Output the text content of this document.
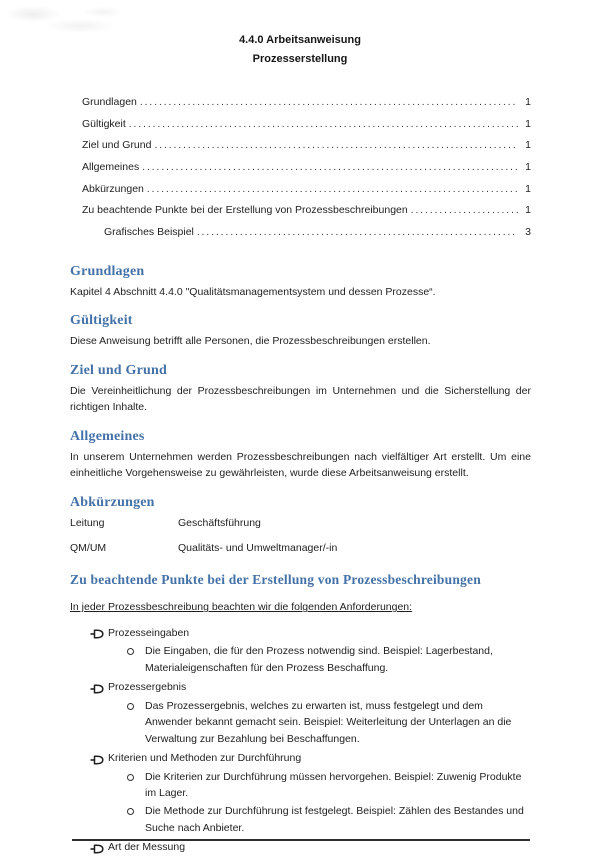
4.4.0 Arbeitsanweisung
Prozesserstellung
Grundlagen .....	1
Gültigkeit .....	1
Ziel und Grund .....	1
Allgemeines .....	1
Abkürzungen .....	1
Zu beachtende Punkte bei der Erstellung von Prozessbeschreibungen .....	1
Grafisches Beispiel .....	3
Grundlagen

Kapitel 4 Abschnitt 4.4.0 "Qualitätsmanagementsystem und dessen Prozesse“.

Gültigkeit

Diese Anweisung betrifft alle Personen, die Prozessbeschreibungen erstellen.

Ziel und Grund

Die Vereinheitlichung der Prozessbeschreibungen im Unternehmen und die Sicherstellung der richtigen Inhalte.

Allgemeines

In unserem Unternehmen werden Prozessbeschreibungen nach vielfältiger Art erstellt. Um eine einheitliche Vorgehensweise zu gewährleisten, wurde diese Arbeitsanweisung erstellt.

Abkürzungen
Leitung	Geschäftsführung
QM/UM	Qualitäts- und Umweltmanager/-in
Zu beachtende Punkte bei der Erstellung von Prozessbeschreibungen

In jeder Prozessbeschreibung beachten wir die folgenden Anforderungen:

Prozesseingaben
Die Eingaben, die für den Prozess notwendig sind. Beispiel: Lagerbestand, Materialeigenschaften für den Prozess Beschaffung.
Prozessergebnis
Das Prozessergebnis, welches zu erwarten ist, muss festgelegt und dem Anwender bekannt gemacht sein. Beispiel: Weiterleitung der Unterlagen an die Verwaltung zur Bezahlung bei Beschaffungen.
Kriterien und Methoden zur Durchführung
Die Kriterien zur Durchführung müssen hervorgehen. Beispiel: Zuwenig Produkte im Lager.
Die Methode zur Durchführung ist festgelegt. Beispiel: Zählen des Bestandes und Suche nach Anbieter.
Art der Messung
